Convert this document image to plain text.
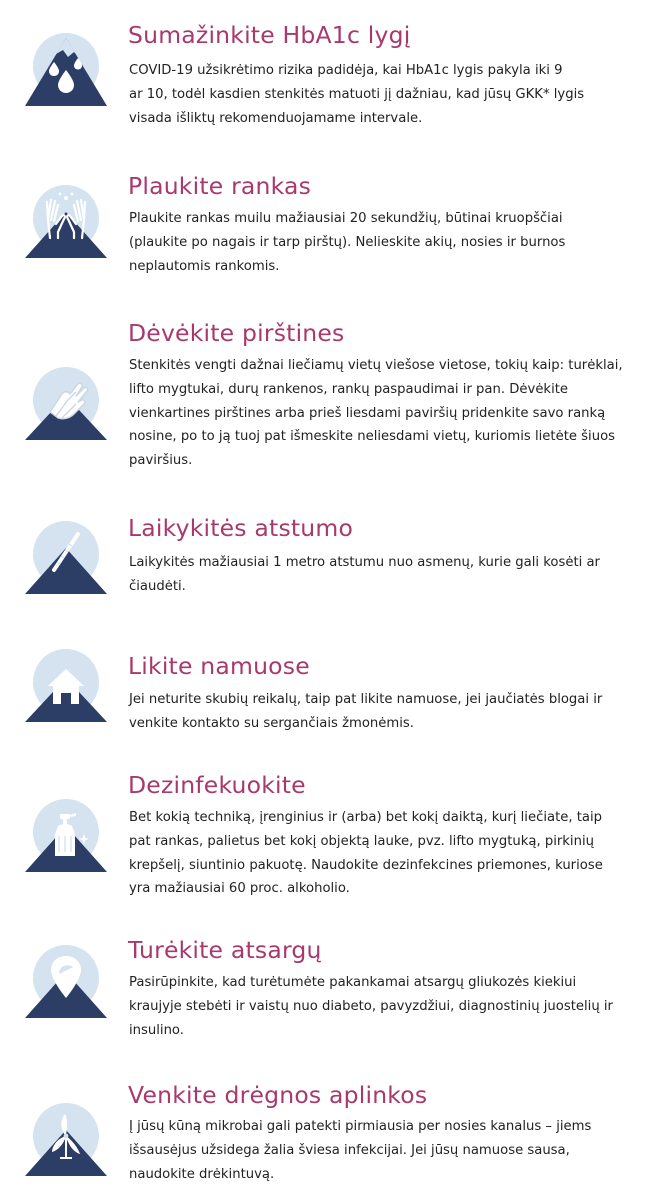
Sumažinkite HbA1c lygį

COVID-19 užsikrėtimo rizika padidėja, kai HbA1c lygis pakyla iki 9
ar 10, todėl kasdien stenkitės matuoti jį dažniau, kad jūsų GKK* lygis
visada išliktų rekomenduojamame intervale.

Plaukite rankas

Plaukite rankas muilu mažiausiai 20 sekundžių, būtinai kruopščiai
(plaukite po nagais ir tarp pirštų). Nelieskite akių, nosies ir burnos
neplautomis rankomis.

Dėvėkite pirštines

Stenkitės vengti dažnai liečiamų vietų viešose vietose, tokių kaip: turėklai,
lifto mygtukai, durų rankenos, rankų paspaudimai ir pan. Dėvėkite
vienkartines pirštines arba prieš liesdami paviršių pridenkite savo ranką
nosine, po to ją tuoj pat išmeskite neliesdami vietų, kuriomis lietėte šiuos
paviršius.

Laikykitės atstumo

Laikykitės mažiausiai 1 metro atstumu nuo asmenų, kurie gali kosėti ar
čiaudėti.

Likite namuose

Jei neturite skubių reikalų, taip pat likite namuose, jei jaučiatės blogai ir
venkite kontakto su sergančiais žmonėmis.

Dezinfekuokite

Bet kokią techniką, įrenginius ir (arba) bet kokį daiktą, kurį liečiate, taip
pat rankas, palietus bet kokį objektą lauke, pvz. lifto mygtuką, pirkinių
krepšelį, siuntinio pakuotę. Naudokite dezinfekcines priemones, kuriose
yra mažiausiai 60 proc. alkoholio.

Turėkite atsargų

Pasirūpinkite, kad turėtumėte pakankamai atsargų gliukozės kiekiui
kraujyje stebėti ir vaistų nuo diabeto, pavyzdžiui, diagnostinių juostelių ir
insulino.

Venkite drėgnos aplinkos

Į jūsų kūną mikrobai gali patekti pirmiausia per nosies kanalus – jiems
išsausėjus užsidega žalia šviesa infekcijai. Jei jūsų namuose sausa,
naudokite drėkintuvą.
